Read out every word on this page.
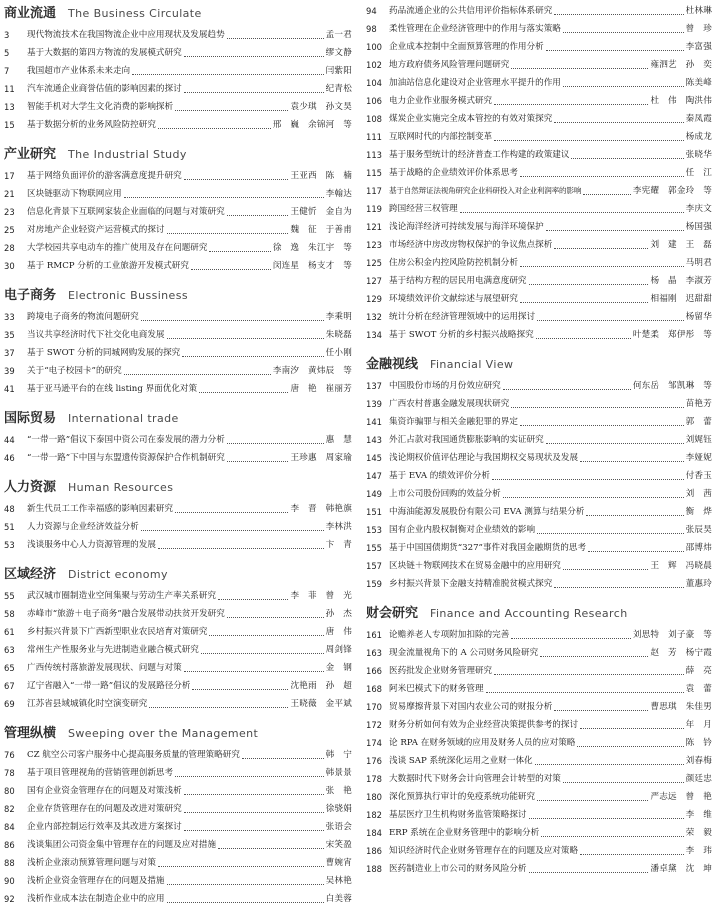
商业流通 The Business Circulate
3	现代物流技术在我国物流企业中应用现状及发展趋势	孟一君
5	基于大数据的第四方物流的发展模式研究	缪文静
7	我国超市产业体系未来走向	闫紫阳
11	汽车流通企业商誉估值的影响因素的探讨	纪青松
13	智能手机对大学生文化消费的影响探析	袁少琪　孙文昊
15	基于数据分析的业务风险防控研究	邢　巍　余锦河　等
产业研究 The Industrial Study
17	基于网络负面评价的游客满意度提升研究	王亚西　陈　楠
21	区块链驱动下物联网应用	李翰达
23	信息化背景下互联网家装企业面临的问题与对策研究	王健忻　金自为
25	对房地产企业轻资产运营模式的探讨	魏　征　于善甫
28	大学校园共享电动车的推广使用及存在问题研究	徐　逸　朱江宇　等
30	基于 RMCP 分析的工业旅游开发模式研究	闵连星　杨支才　等
电子商务 Electronic Bussiness
33	跨境电子商务的物流问题研究	李乘明
35	当议共享经济时代下社交化电商发展	朱晓磊
37	基于 SWOT 分析的同城网购发展的探究	任小刚
39	关于“电子校园卡”的研究	李南汐　黄炜辰　等
41	基于亚马逊平台的在线 listing 界面优化对策	唐　艳　崔丽芳
国际贸易 International trade
44	“一带一路”倡议下泰国中资公司在泰发展的潜力分析	惠　慧
46	“一带一路”下中国与东盟遗传资源保护合作机制研究	王珍惠　周家瑜
人力资源 Human Resources
48	新生代员工工作幸福感的影响因素研究	李　晋　韩艳旗
51	人力资源与企业经济效益分析	李林洪
53	浅谈服务中心人力资源管理的发展	卞　青
区域经济 District economy
55	武汉城市圈制造业空间集聚与劳动生产率关系研究	李　菲　曾　光
58	赤峰市“旅游＋电子商务”融合发展带动扶贫开发研究	孙　杰
61	乡村振兴背景下广西新型职业农民培育对策研究	唐　伟
63	常州生产性服务业与先进制造业融合模式研究	周剑锋
65	广西传统村落旅游发展现状、问题与对策	金　钢
67	辽宁省融入“一带一路”倡议的发展路径分析	沈艳雨　孙　超
69	江苏省县域城镇化时空演变研究	王晓薇　金平斌
管理纵横 Sweeping over the Management
76	CZ 航空公司客户服务中心提高服务质量的管理策略研究	韩　宁
78	基于项目管理视角的营销管理创新思考	韩景景
80	国有企业资金管理存在的问题及对策浅析	张　艳
82	企业存货管理存在的问题及改进对策研究	徐骁娟
84	企业内部控制运行效率及其改进方案探讨	张语会
86	浅谈集团公司资金集中管理存在的问题及应对措施	宋笑盈
88	浅析企业滚动预算管理问题与对策	曹婉宵
90	浅析企业资金管理存在的问题及措施	吴林艳
92	浅析作业成本法在制造企业中的应用	白美蓉
94	药品流通企业的公共信用评价指标体系研究	杜林琳
98	柔性管理在企业经济管理中的作用与落实策略	曾　珍
100 企业成本控制中全面预算管理的作用分析	李富强
102 地方政府债务风险管理问题研究	雍泗艺　孙　奕
104 加油站信息化建设对企业管理水平提升的作用	陈美峰
106 电力企业作业服务模式研究	杜　伟　陶洪伟
108 煤炭企业实施完全成本管控的有效对策探究	秦凤霞
111 互联网时代的内部控制变革	杨成龙
113 基于服务型统计的经济普查工作构建的政策建议	张晓华
115 基于战略的企业绩效评价体系思考	任　江
117 基于自然辩证法视角研究企业科研投入对企业利润率的影响	李宪耀　郭金玲　等
119 跨国经营三权管理	李庆文
121 浅论海洋经济可持续发展与海洋环境保护	杨国强
123 市场经济中房改房物权保护的争议焦点探析	刘　建　王　磊
125 住房公积金内控风险防控机制分析	马明君
127 基于结构方程的居民用电满意度研究	杨　晶　李淑芳
129 环境绩效评价文献综述与展望研究	相福刚　迟甜甜
132 统计分析在经济管理领域中的运用探讨	杨留华
134 基于 SWOT 分析的乡村振兴战略探究	叶楚柔　郑伊彤　等
金融视线 Financial View
137 中国股份市场的月份效应研究	何东岳　邹凯琳　等
139 广西农村普惠金融发展现状研究	苗艳芳
141 集资诈骗罪与相关金融犯罪的界定	郭　蕾
143 外汇占款对我国通货膨胀影响的实证研究	刘娓钰
145 浅论期权价值评估理论与我国期权交易现状及发展	李娅妮
147 基于 EVA 的绩效评价分析	付香玉
149 上市公司股份回购的效益分析	刘　茜
151 中海油能源发展股份有限公司 EVA 测算与结果分析	衡　烨
153 国有企业内股权制衡对企业绩效的影响	张辰昊
155 基于中国国债期货“327”事件对我国金融期货的思考	邵博炜
157 区块链＋物联网技术在贸易金融中的应用研究	王　辉　冯晓晨
159 乡村振兴背景下金融支持精准脱贫模式探究	董惠玲
财会研究 Finance and Accounting Research
161 论赡养老人专项附加扣除的完善	刘思特　刘子豪　等
163 现金流量视角下的 A 公司财务风险研究	赵　芳　杨宁霞
166 医药批发企业财务管理研究	薛　亮
168 阿米巴模式下的财务管理	袁　蕾
170 贸易摩擦背景下对国内农业公司的财报分析	曹思琪　朱佳男
172 财务分析如何有效为企业经营决策提供参考的探讨	年　月
174 论 RPA 在财务领域的应用及财务人员的应对策略	陈　钤
176 浅谈 SAP 系统深化运用之业财一体化	刘春梅
178 大数据时代下财务会计向管理会计转型的对策	颜廷忠
180 深化预算执行审计的免疫系统功能研究	严志远　曾　艳
182 基层医疗卫生机构财务监管策略探讨	李　维
184 ERP 系统在企业财务管理中的影响分析	荣　毅
186 知识经济时代企业财务管理存在的问题及应对策略	李　玮
188 医药制造业上市公司的财务风险分析	潘卓黛　沈　坤
